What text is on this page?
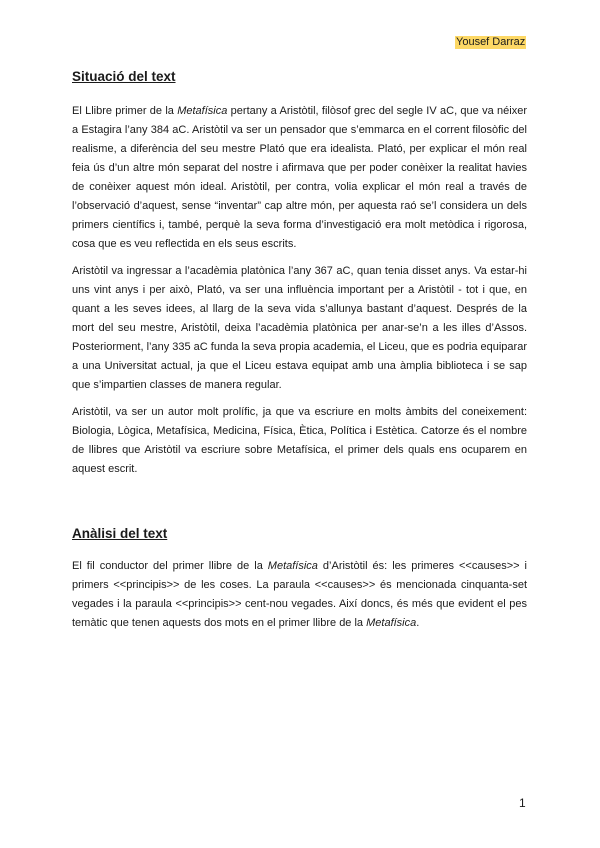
Yousef Darraz
Situació del text

El Llibre primer de la Metafísica pertany a Aristòtil, filòsof grec del segle IV aC, que va néixer a Estagira l’any 384 aC. Aristòtil va ser un pensador que s’emmarca en el corrent filosòfic del realisme, a diferència del seu mestre Plató que era idealista. Plató, per explicar el món real feia ús d’un altre món separat del nostre i afirmava que per poder conèixer la realitat havies de conèixer aquest món ideal. Aristòtil, per contra, volia explicar el món real a través de l’observació d’aquest, sense “inventar” cap altre món, per aquesta raó se’l considera un dels primers científics i, també, perquè la seva forma d’investigació era molt metòdica i rigorosa, cosa que es veu reflectida en els seus escrits.

Aristòtil va ingressar a l’acadèmia platònica l’any 367 aC, quan tenia disset anys. Va estar-hi uns vint anys i per això, Plató, va ser una influència important per a Aristòtil - tot i que, en quant a les seves idees, al llarg de la seva vida s’allunya bastant d’aquest. Després de la mort del seu mestre, Aristòtil, deixa l’acadèmia platònica per anar-se’n a les illes d’Assos. Posteriorment, l’any 335 aC funda la seva propia academia, el Liceu, que es podria equiparar a una Universitat actual, ja que el Liceu estava equipat amb una àmplia biblioteca i se sap que s’impartien classes de manera regular.

Aristòtil, va ser un autor molt prolífic, ja que va escriure en molts àmbits del coneixement: Biologia, Lògica, Metafísica, Medicina, Física, Ètica, Política i Estètica. Catorze és el nombre de llibres que Aristòtil va escriure sobre Metafísica, el primer dels quals ens ocuparem en aquest escrit.

Anàlisi del text

El fil conductor del primer llibre de la Metafísica d’Aristòtil és: les primeres <<causes>> i primers <<principis>> de les coses. La paraula <<causes>> és mencionada cinquanta-set vegades i la paraula <<principis>> cent-nou vegades. Així doncs, és més que evident el pes temàtic que tenen aquests dos mots en el primer llibre de la Metafísica.

1
